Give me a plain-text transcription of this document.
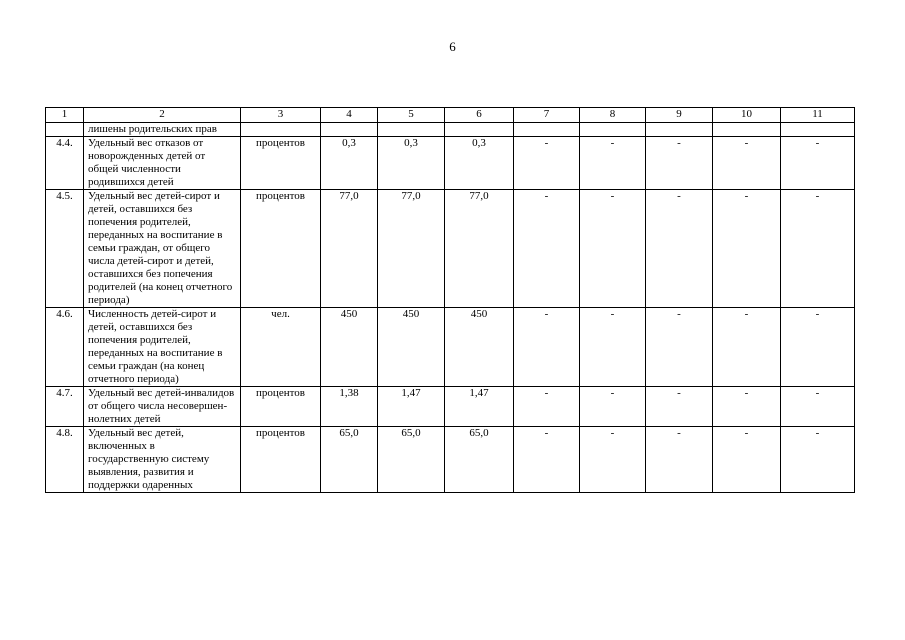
6
1	2	3	4	5	6	7	8	9	10	11
	лишены родительских прав									
4.4.	Удельный вес отказов от новорожденных детей от общей численности родившихся детей	процентов	0,3	0,3	0,3	-	-	-	-	-
4.5.	Удельный вес детей-сирот и детей, оставшихся без попечения родителей, переданных на воспитание в семьи граждан, от общего числа детей-сирот и детей, оставшихся без попечения родителей (на конец отчетного периода)	процентов	77,0	77,0	77,0	-	-	-	-	-
4.6.	Численность детей-сирот и детей, оставшихся без попечения родителей, переданных на воспитание в семьи граждан (на конец отчетного периода)	чел.	450	450	450	-	-	-	-	-
4.7.	Удельный вес детей-инвалидов от общего числа несовершен-нолетних детей	процентов	1,38	1,47	1,47	-	-	-	-	-
4.8.	Удельный вес детей, включенных в государственную систему выявления, развития и поддержки одаренных	процентов	65,0	65,0	65,0	-	-	-	-	-
